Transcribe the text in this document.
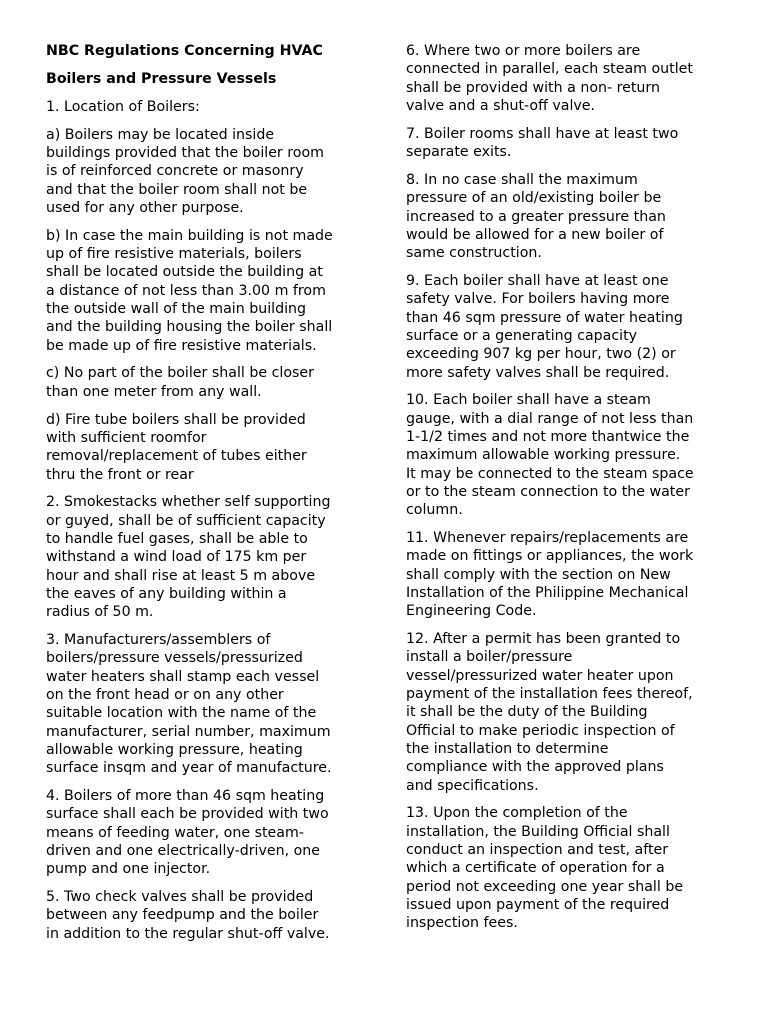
NBC Regulations Concerning HVAC

Boilers and Pressure Vessels

1. Location of Boilers:

a) Boilers may be located inside
buildings provided that the boiler room
is of reinforced concrete or masonry
and that the boiler room shall not be
used for any other purpose.

b) In case the main building is not made
up of fire resistive materials, boilers
shall be located outside the building at
a distance of not less than 3.00 m from
the outside wall of the main building
and the building housing the boiler shall
be made up of fire resistive materials.

c) No part of the boiler shall be closer
than one meter from any wall.

d) Fire tube boilers shall be provided
with sufficient roomfor
removal/replacement of tubes either
thru the front or rear

2. Smokestacks whether self supporting
or guyed, shall be of sufficient capacity
to handle fuel gases, shall be able to
withstand a wind load of 175 km per
hour and shall rise at least 5 m above
the eaves of any building within a
radius of 50 m.

3. Manufacturers/assemblers of
boilers/pressure vessels/pressurized
water heaters shall stamp each vessel
on the front head or on any other
suitable location with the name of the
manufacturer, serial number, maximum
allowable working pressure, heating
surface insqm and year of manufacture.

4. Boilers of more than 46 sqm heating
surface shall each be provided with two
means of feeding water, one steam-
driven and one electrically-driven, one
pump and one injector.

5. Two check valves shall be provided
between any feedpump and the boiler
in addition to the regular shut-off valve.

6. Where two or more boilers are
connected in parallel, each steam outlet
shall be provided with a non- return
valve and a shut-off valve.

7. Boiler rooms shall have at least two
separate exits.

8. In no case shall the maximum
pressure of an old/existing boiler be
increased to a greater pressure than
would be allowed for a new boiler of
same construction.

9. Each boiler shall have at least one
safety valve. For boilers having more
than 46 sqm pressure of water heating
surface or a generating capacity
exceeding 907 kg per hour, two (2) or
more safety valves shall be required.

10. Each boiler shall have a steam
gauge, with a dial range of not less than
1-1/2 times and not more thantwice the
maximum allowable working pressure.
It may be connected to the steam space
or to the steam connection to the water
column.

11. Whenever repairs/replacements are
made on fittings or appliances, the work
shall comply with the section on New
Installation of the Philippine Mechanical
Engineering Code.

12. After a permit has been granted to
install a boiler/pressure
vessel/pressurized water heater upon
payment of the installation fees thereof,
it shall be the duty of the Building
Official to make periodic inspection of
the installation to determine
compliance with the approved plans
and specifications.

13. Upon the completion of the
installation, the Building Official shall
conduct an inspection and test, after
which a certificate of operation for a
period not exceeding one year shall be
issued upon payment of the required
inspection fees.
